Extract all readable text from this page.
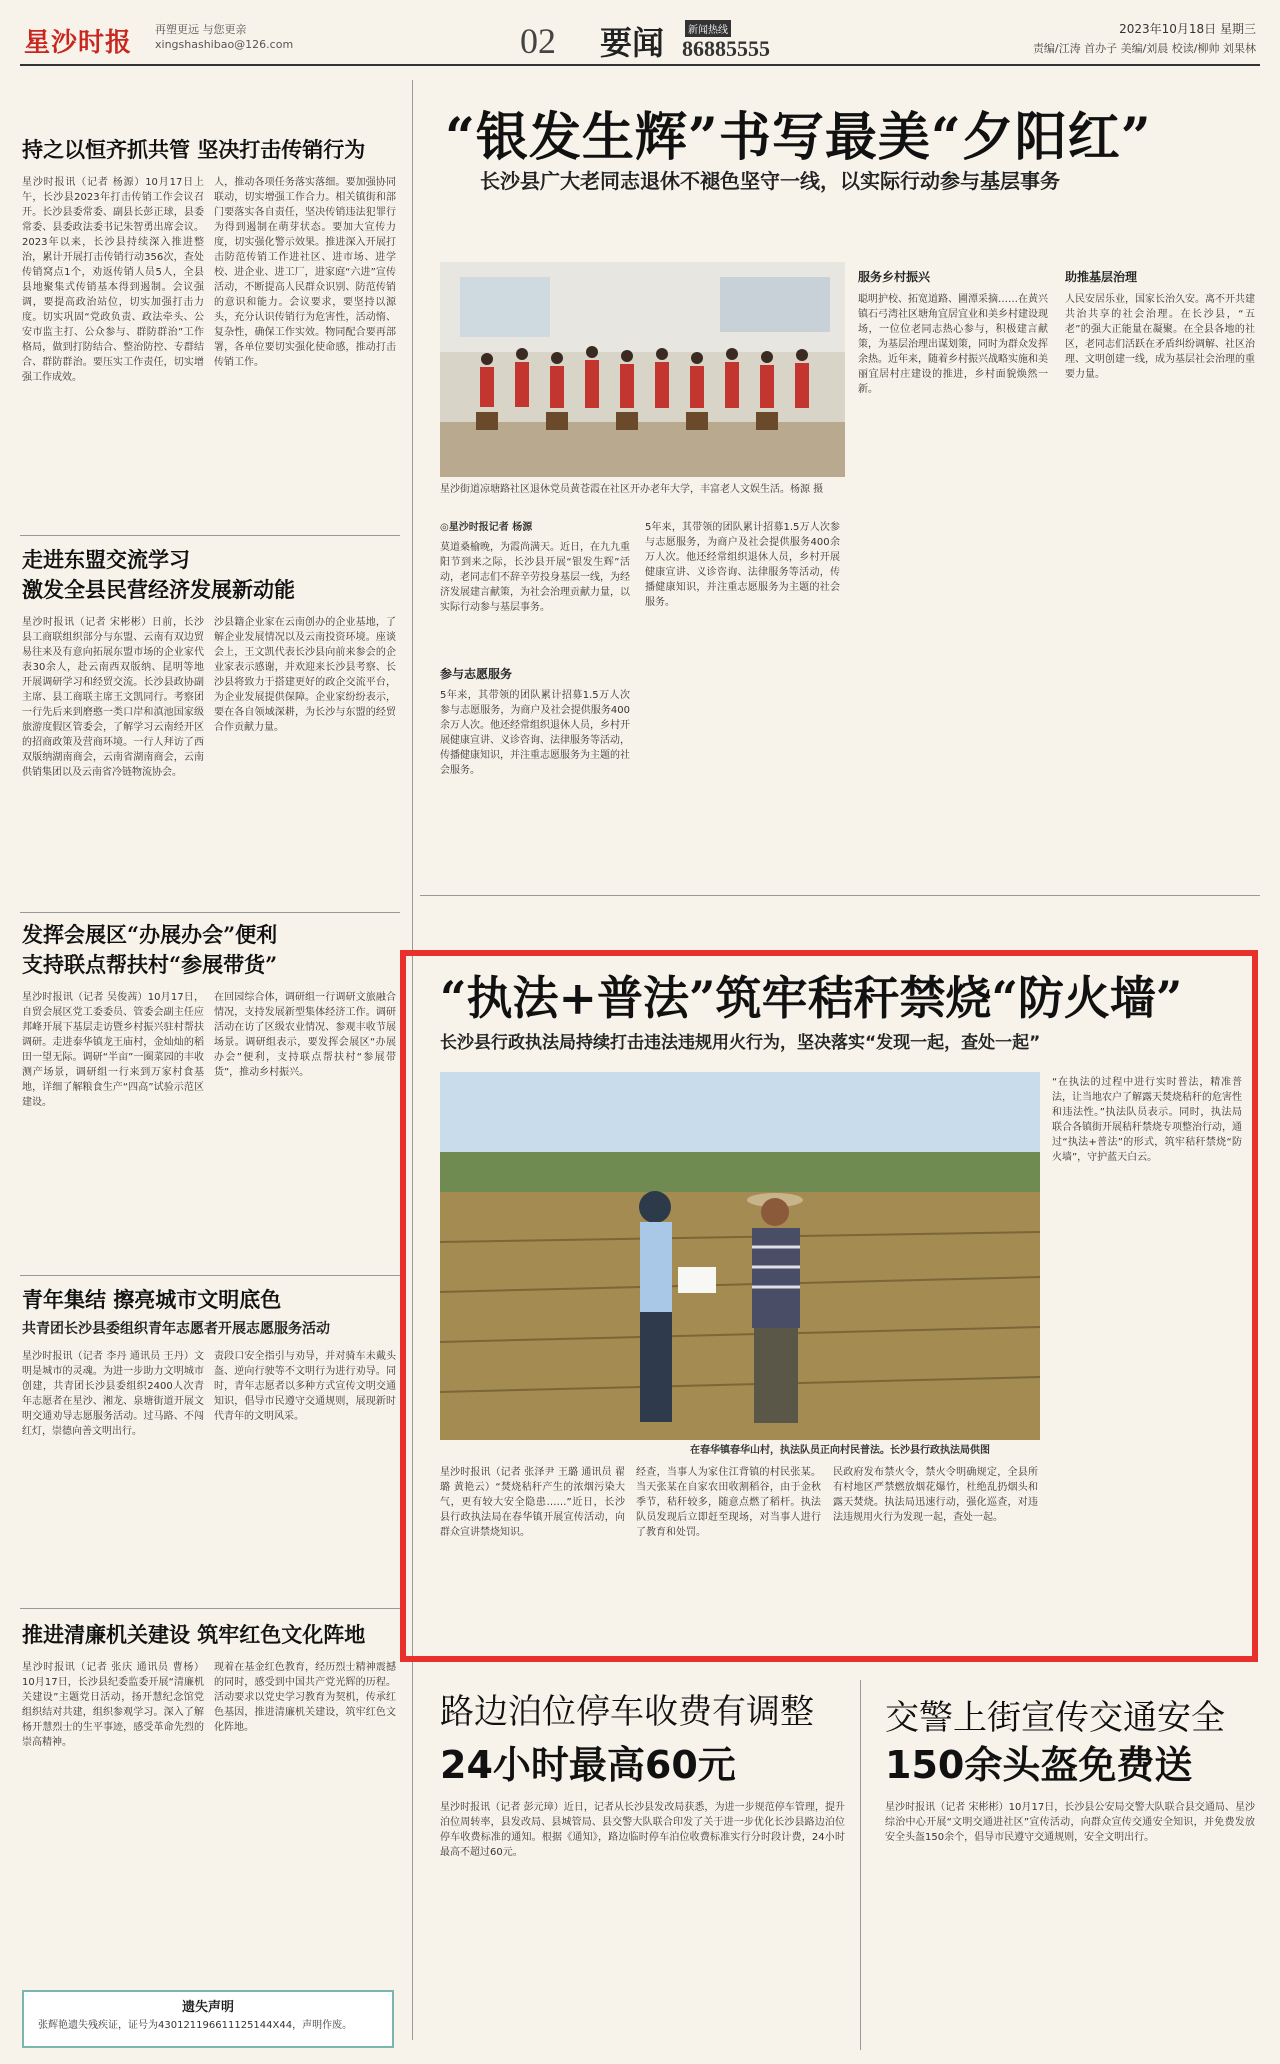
星沙时报 再塑更远 与您更亲
xingshashibao@126.com	02 要闻	新闻热线
86885555
2023年10月18日 星期三
责编/江涛 首办子 美编/刘晨 校读/柳帅 刘果林
持之以恒齐抓共管 坚决打击传销行为

星沙时报讯（记者 杨源）10月17日上午，长沙县2023年打击传销工作会议召开。长沙县委常委、副县长彭正球，县委常委、县委政法委书记朱智勇出席会议。2023年以来，长沙县持续深入推进整治，累计开展打击传销行动356次，查处传销窝点1个，劝返传销人员5人，全县县地聚集式传销基本得到遏制。会议强调，要提高政治站位，切实加强打击力度。切实巩固“党政负责、政法牵头、公安市监主打、公众参与、群防群治”工作格局，做到打防结合、整治防控、专群结合、群防群治。要压实工作责任，切实增强工作成效。

人，推动各项任务落实落细。要加强协同联动，切实增强工作合力。相关镇街和部门要落实各自责任，坚决传销违法犯罪行为得到遏制在萌芽状态。要加大宣传力度，切实强化警示效果。推进深入开展打击防范传销工作进社区、进市场、进学校、进企业、进工厂，进家庭“六进”宣传活动，不断提高人民群众识别、防范传销的意识和能力。会议要求，要坚持以源头，充分认识传销行为危害性，活动惰、复杂性，确保工作实效。物同配合要再部署，各单位要切实强化使命感，推动打击传销工作。

走进东盟交流学习
激发全县民营经济发展新动能

星沙时报讯（记者 宋彬彬）日前，长沙县工商联组织部分与东盟、云南有双边贸易往来及有意向拓展东盟市场的企业家代表30余人，赴云南西双版纳、昆明等地开展调研学习和经贸交流。长沙县政协副主席、县工商联主席王文凯同行。考察团一行先后来到磨憨一类口岸和滇池国家级旅游度假区管委会，了解学习云南经开区的招商政策及营商环境。一行人拜访了西双版纳湖南商会，云南省湖南商会，云南供销集团以及云南省冷链物流协会。

沙县籍企业家在云南创办的企业基地，了解企业发展情况以及云南投资环境。座谈会上，王文凯代表长沙县向前来参会的企业家表示感谢，并欢迎来长沙县考察、长沙县将致力于搭建更好的政企交流平台，为企业发展提供保障。企业家纷纷表示，要在各自领域深耕，为长沙与东盟的经贸合作贡献力量。

发挥会展区“办展办会”便利
支持联点帮扶村“参展带货”

星沙时报讯（记者 吴俊茜）10月17日，自贸会展区党工委委员、管委会副主任应邦峰开展下基层走访暨乡村振兴驻村帮扶调研。走进泰华镇龙王庙村，金灿灿的稻田一望无际。调研“半亩”一圈菜园的丰收测产场景，调研组一行来到万家村食基地，详细了解粮食生产“四高”试验示范区建设。

在回园综合体，调研组一行调研文旅融合情况，支持发展新型集体经济工作。调研活动在访了区级农业情况、参观丰收节展场景。调研组表示，要发挥会展区“办展办会”便利，支持联点帮扶村“参展带货”，推动乡村振兴。

青年集结 擦亮城市文明底色
共青团长沙县委组织青年志愿者开展志愿服务活动

星沙时报讯（记者 李丹 通讯员 王丹）文明是城市的灵魂。为进一步助力文明城市创建，共青团长沙县委组织2400人次青年志愿者在星沙、湘龙、泉塘街道开展文明交通劝导志愿服务活动。过马路、不闯红灯，崇德向善文明出行。

责段口安全指引与劝导，并对骑车未戴头盔、逆向行驶等不文明行为进行劝导。同时，青年志愿者以多种方式宣传文明交通知识，倡导市民遵守交通规则，展现新时代青年的文明风采。

推进清廉机关建设 筑牢红色文化阵地

星沙时报讯（记者 张庆 通讯员 曹杨）10月17日，长沙县纪委监委开展“清廉机关建设”主题党日活动，扬开慧纪念馆党组织结对共建，组织参观学习。深入了解杨开慧烈士的生平事迹，感受革命先烈的崇高精神。

现着在基金红色教育，经历烈士精神震撼的同时，感受到中国共产党光辉的历程。活动要求以党史学习教育为契机，传承红色基因，推进清廉机关建设，筑牢红色文化阵地。

遗失声明
张辉艳遗失残疾证，证号为430121196611125144X44，声明作废。
“银发生辉”书写最美“夕阳红”
长沙县广大老同志退休不褪色坚守一线，以实际行动参与基层事务
星沙街道凉塘路社区退休党员黄苍霞在社区开办老年大学，丰富老人文娱生活。杨源 摄
◎星沙时报记者 杨源
莫道桑榆晚，为霞尚满天。近日，在九九重阳节到来之际，长沙县开展“银发生辉”活动，老同志们不辞辛劳投身基层一线，为经济发展建言献策，为社会治理贡献力量，以实际行动参与基层事务。
参与志愿服务
5年来，其带领的团队累计招募1.5万人次参与志愿服务，为商户及社会提供服务400余万人次。他还经常组织退休人员，乡村开展健康宣讲、义诊咨询、法律服务等活动，传播健康知识，并注重志愿服务为主题的社会服务。
5年来，其带领的团队累计招募1.5万人次参与志愿服务，为商户及社会提供服务400余万人次。他还经常组织退休人员，乡村开展健康宣讲、义诊咨询、法律服务等活动，传播健康知识，并注重志愿服务为主题的社会服务。
服务乡村振兴
聪明护校、拓宽道路、圃潭采摘……在黄兴镇石弓湾社区塘角宜居宜业和美乡村建设现场，一位位老同志热心参与，积极建言献策，为基层治理出谋划策，同时为群众发挥余热。近年来，随着乡村振兴战略实施和美丽宜居村庄建设的推进，乡村面貌焕然一新。
助推基层治理
人民安居乐业，国家长治久安。离不开共建共治共享的社会治理。在长沙县，“五老”的强大正能量在凝聚。在全县各地的社区，老同志们活跃在矛盾纠纷调解、社区治理、文明创建一线，成为基层社会治理的重要力量。
“执法+普法”筑牢秸秆禁烧“防火墙”
长沙县行政执法局持续打击违法违规用火行为，坚决落实“发现一起，查处一起”
在春华镇春华山村，执法队员正向村民普法。长沙县行政执法局供图
星沙时报讯（记者 张泽尹 王璐 通讯员 翟璐 黄艳云）“焚烧秸秆产生的浓烟污染大气，更有较大安全隐患……”近日，长沙县行政执法局在春华镇开展宣传活动，向群众宣讲禁烧知识。
经查，当事人为家住江背镇的村民张某。当天张某在自家农田收割稻谷，由于金秋季节，秸秆较多，随意点燃了稻杆。执法队员发现后立即赶至现场，对当事人进行了教育和处罚。
民政府发布禁火令，禁火令明确规定，全县所有村地区严禁燃放烟花爆竹，杜绝乱扔烟头和露天焚烧。执法局迅速行动，强化巡查，对违法违规用火行为发现一起，查处一起。
“在执法的过程中进行实时普法，精准普法，让当地农户了解露天焚烧秸秆的危害性和违法性。”执法队员表示。同时，执法局联合各镇街开展秸秆禁烧专项整治行动，通过“执法+普法”的形式，筑牢秸秆禁烧“防火墙”，守护蓝天白云。
路边泊位停车收费有调整
24小时最高60元
星沙时报讯（记者 彭元璋）近日，记者从长沙县发改局获悉，为进一步规范停车管理，提升泊位周转率，县发改局、县城管局、县交警大队联合印发了关于进一步优化长沙县路边泊位停车收费标准的通知。根据《通知》，路边临时停车泊位收费标准实行分时段计费，24小时最高不超过60元。
交警上街宣传交通安全
150余头盔免费送
星沙时报讯（记者 宋彬彬）10月17日，长沙县公安局交警大队联合县交通局、星沙综治中心开展“文明交通进社区”宣传活动，向群众宣传交通安全知识，并免费发放安全头盔150余个，倡导市民遵守交通规则，安全文明出行。
